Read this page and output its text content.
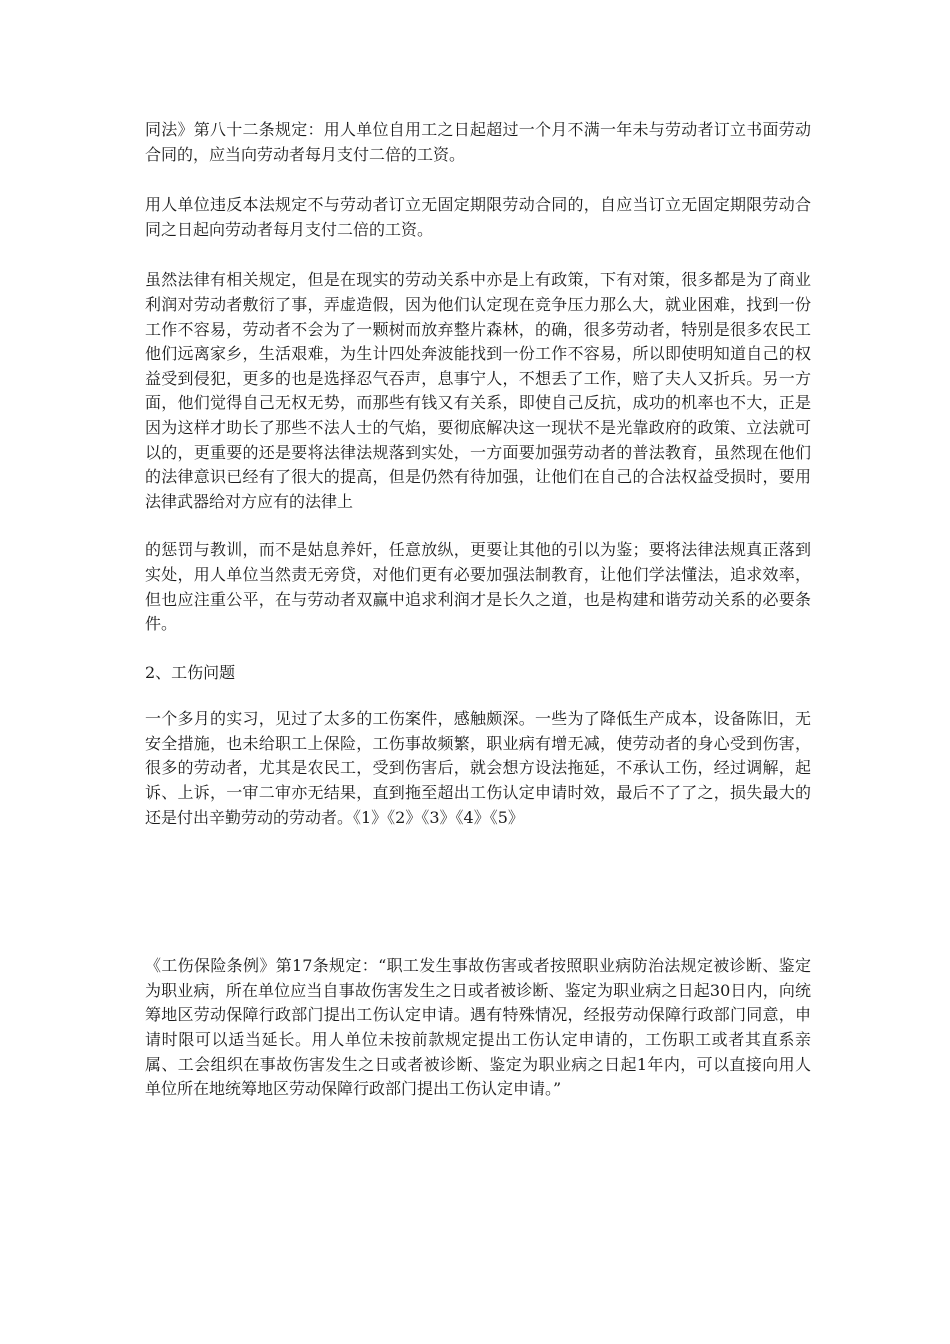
同法》第八十二条规定：用人单位自用工之日起超过一个月不满一年未与劳动者订立书面劳动合同的，应当向劳动者每月支付二倍的工资。

用人单位违反本法规定不与劳动者订立无固定期限劳动合同的，自应当订立无固定期限劳动合同之日起向劳动者每月支付二倍的工资。

虽然法律有相关规定，但是在现实的劳动关系中亦是上有政策，下有对策，很多都是为了商业利润对劳动者敷衍了事，弄虚造假，因为他们认定现在竞争压力那么大，就业困难，找到一份工作不容易，劳动者不会为了一颗树而放弃整片森林，的确，很多劳动者，特别是很多农民工他们远离家乡，生活艰难，为生计四处奔波能找到一份工作不容易，所以即使明知道自己的权益受到侵犯，更多的也是选择忍气吞声，息事宁人，不想丢了工作，赔了夫人又折兵。另一方面，他们觉得自己无权无势，而那些有钱又有关系，即使自己反抗，成功的机率也不大，正是因为这样才助长了那些不法人士的气焰，要彻底解决这一现状不是光靠政府的政策、立法就可以的，更重要的还是要将法律法规落到实处，一方面要加强劳动者的普法教育，虽然现在他们的法律意识已经有了很大的提高，但是仍然有待加强，让他们在自己的合法权益受损时，要用法律武器给对方应有的法律上

的惩罚与教训，而不是姑息养奸，任意放纵，更要让其他的引以为鉴；要将法律法规真正落到实处，用人单位当然责无旁贷，对他们更有必要加强法制教育，让他们学法懂法，追求效率，但也应注重公平，在与劳动者双赢中追求利润才是长久之道，也是构建和谐劳动关系的必要条件。

2、工伤问题

一个多月的实习，见过了太多的工伤案件，感触颇深。一些为了降低生产成本，设备陈旧，无安全措施，也未给职工上保险，工伤事故频繁，职业病有增无减，使劳动者的身心受到伤害，很多的劳动者，尤其是农民工，受到伤害后，就会想方设法拖延，不承认工伤，经过调解，起诉、上诉，一审二审亦无结果，直到拖至超出工伤认定申请时效，最后不了了之，损失最大的还是付出辛勤劳动的劳动者。《1》《2》《3》《4》《5》

《工伤保险条例》第17条规定：“职工发生事故伤害或者按照职业病防治法规定被诊断、鉴定为职业病，所在单位应当自事故伤害发生之日或者被诊断、鉴定为职业病之日起30日内，向统筹地区劳动保障行政部门提出工伤认定申请。遇有特殊情况，经报劳动保障行政部门同意，申请时限可以适当延长。用人单位未按前款规定提出工伤认定申请的，工伤职工或者其直系亲属、工会组织在事故伤害发生之日或者被诊断、鉴定为职业病之日起1年内，可以直接向用人单位所在地统筹地区劳动保障行政部门提出工伤认定申请。”
